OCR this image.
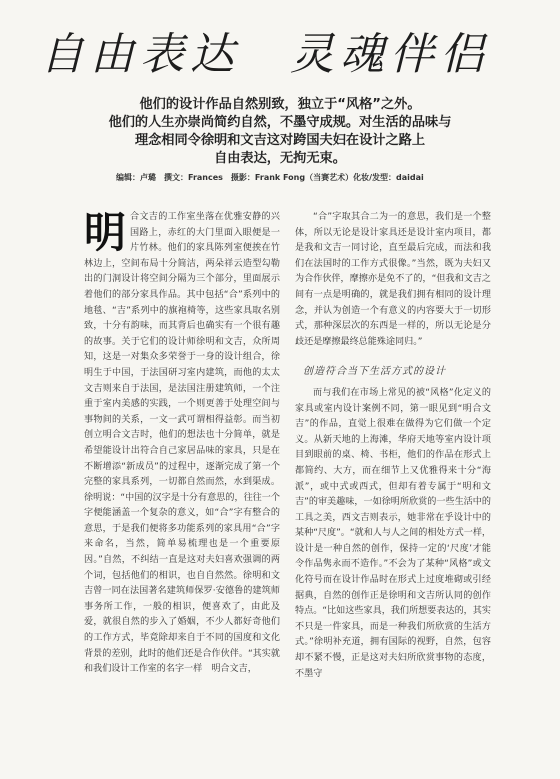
自由表达　灵魂伴侣
他们的设计作品自然别致，独立于“风格”之外。
他们的人生亦崇尚简约自然，不墨守成规。对生活的品味与
理念相同令徐明和文吉这对跨国夫妇在设计之路上
自由表达，无拘无束。
编辑：卢璐　撰文：Frances　摄影：Frank Fong（当赛艺术）化妆/发型：daidai
明 合文吉的工作室坐落在优雅安静的兴国路上，赤红的大门里面入眼便是一片竹林。他们的家具陈列室便挨在竹林边上，空间布局十分简洁，两朵祥云造型勾勒出的门洞设计将空间分隔为三个部分，里面展示着他们的部分家具作品。其中包括“合”系列中的地毯、“吉”系列中的旗袍椅等，这些家具取名别致，十分有韵味，而其背后也确实有一个很有趣的故事。关于它们的设计师徐明和文吉，众所周知，这是一对集众多荣誉于一身的设计组合，徐明生于中国，于法国研习室内建筑，而他的太太文吉则来自于法国，是法国注册建筑师，一个注重于室内美感的实践，一个则更善于处理空间与事物间的关系，一文一武可谓相得益彰。而当初创立明合文吉时，他们的想法也十分简单，就是希望能设计出符合自己家居品味的家具，只是在不断增添“新成员”的过程中，逐渐完成了第一个完整的家具系列，一切都自然而然，水到渠成。徐明说：“中国的汉字是十分有意思的，往往一个字便能涵盖一个复杂的意义，如“合”字有整合的意思，于是我们便将多功能系列的家具用“合”字来命名，当然，简单易梳理也是一个重要原因。”自然，不纠结一直是这对夫妇喜欢强调的两个词，包括他们的相识，也自自然然。徐明和文吉曾一同在法国著名建筑师保罗·安德鲁的建筑师事务所工作，一般的相识，便喜欢了，由此及爱，就很自然的步入了婚姻，不少人都好奇他们的工作方式，毕竟除却来自于不同的国度和文化背景的差别，此时的他们还是合作伙伴。“其实就和我们设计工作室的名字一样　明合文吉，

“合”字取其合二为一的意思，我们是一个整体，所以无论是设计家具还是设计室内项目，都是我和文吉一同讨论，直至最后完成，而法和我们在法国时的工作方式很像。”当然，既为夫妇又为合作伙伴，摩擦亦是免不了的，“但我和文吉之间有一点是明确的，就是我们拥有相同的设计理念，并认为创造一个有意义的内容要大于一切形式，那种深层次的东西是一样的，所以无论是分歧还是摩擦最终总能殊途同归。”

创造符合当下生活方式的设计

而与我们在市场上常见的被“风格”化定义的家具或室内设计案例不同，第一眼见到“明合文吉”的作品，直觉上很难在做得为它们做一个定义。从新天地的上海滩，华府天地等室内设计项目到眼前的桌、椅、书柜，他们的作品在形式上都简约、大方，而在细节上又优雅得来十分“海派”，或中式或西式，但却有着专属于“明和文吉”的审美趣味，一如徐明所欣赏的一些生活中的工具之美，西文吉则表示，她非常在乎设计中的某种“尺度”。“就和人与人之间的相处方式一样，设计是一种自然的创作，保持一定的‘尺度’才能令作品隽永而不造作。”不会为了某种“风格”或文化符号而在设计作品时在形式上过度堆砌或引经据典，自然的创作正是徐明和文吉所认同的创作特点。“比如这些家具，我们所想要表达的，其实不只是一件家具，而是一种我们所欣赏的生活方式。”徐明补充道，拥有国际的视野，自然，包容却不紧不慢，正是这对夫妇所欣赏事物的态度，不墨守
